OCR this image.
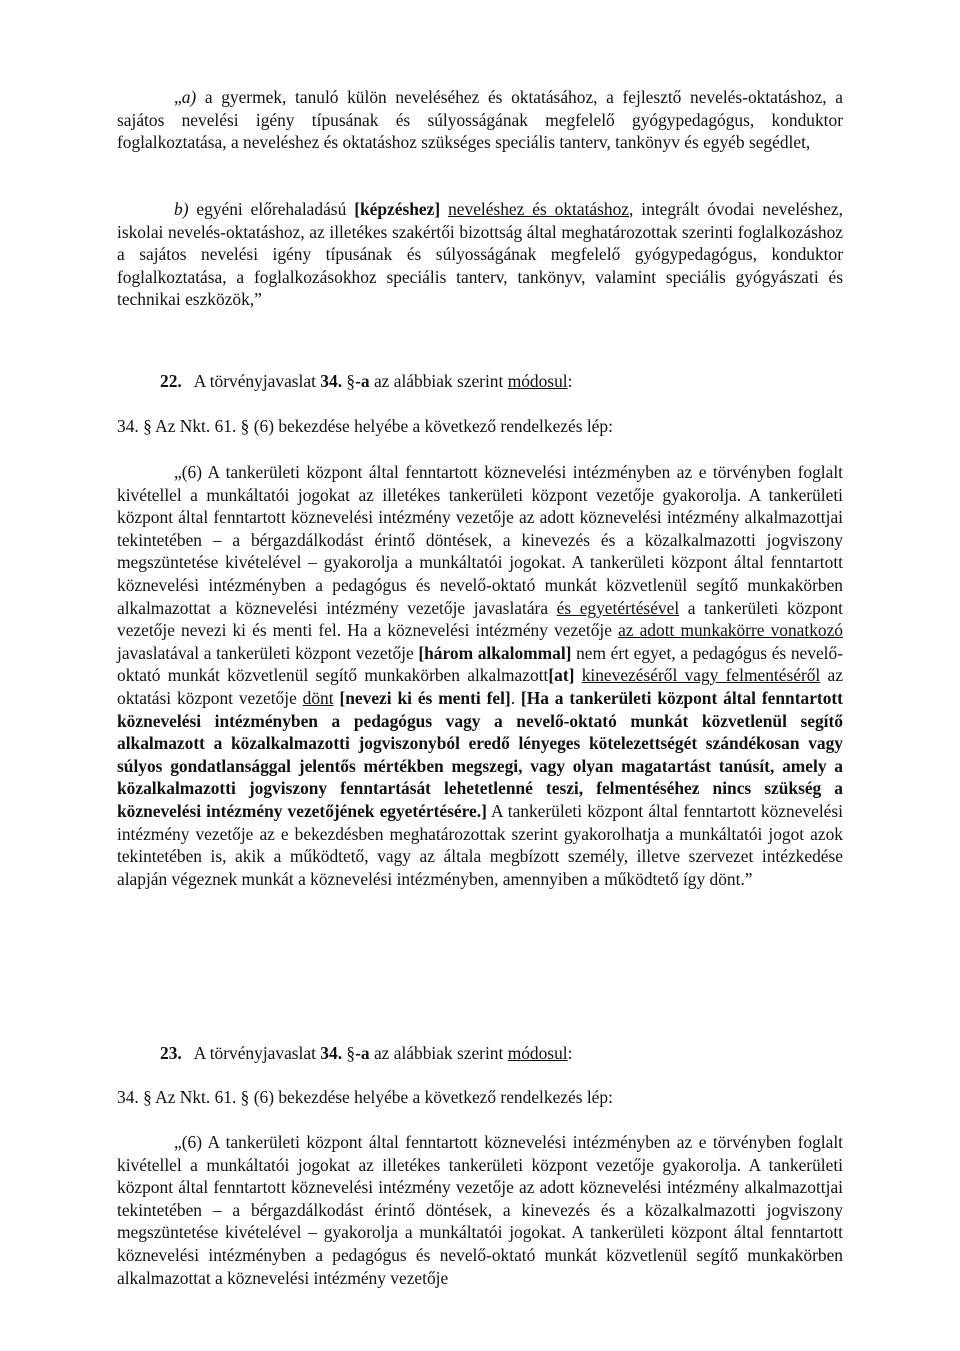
„a) a gyermek, tanuló külön neveléséhez és oktatásához, a fejlesztő nevelés-oktatáshoz, a sajátos nevelési igény típusának és súlyosságának megfelelő gyógypedagógus, konduktor foglalkoztatása, a neveléshez és oktatáshoz szükséges speciális tanterv, tankönyv és egyéb segédlet,
b) egyéni előrehaladású [képzéshez] neveléshez és oktatáshoz, integrált óvodai neveléshez, iskolai nevelés-oktatáshoz, az illetékes szakértői bizottság által meghatározottak szerinti foglalkozáshoz a sajátos nevelési igény típusának és súlyosságának megfelelő gyógypedagógus, konduktor foglalkoztatása, a foglalkozásokhoz speciális tanterv, tankönyv, valamint speciális gyógyászati és technikai eszközök,”
22. A törvényjavaslat 34. §-a az alábbiak szerint módosul:
34. § Az Nkt. 61. § (6) bekezdése helyébe a következő rendelkezés lép:
„(6) A tankerületi központ által fenntartott köznevelési intézményben az e törvényben foglalt kivétellel a munkáltatói jogokat az illetékes tankerületi központ vezetője gyakorolja. A tankerületi központ által fenntartott köznevelési intézmény vezetője az adott köznevelési intézmény alkalmazottjai tekintetében – a bérgazdálkodást érintő döntések, a kinevezés és a közalkalmazotti jogviszony megszüntetése kivételével – gyakorolja a munkáltatói jogokat. A tankerületi központ által fenntartott köznevelési intézményben a pedagógus és nevelő-oktató munkát közvetlenül segítő munkakörben alkalmazottat a köznevelési intézmény vezetője javaslatára és egyetértésével a tankerületi központ vezetője nevezi ki és menti fel. Ha a köznevelési intézmény vezetője az adott munkakörre vonatkozó javaslatával a tankerületi központ vezetője [három alkalommal] nem ért egyet, a pedagógus és nevelő-oktató munkát közvetlenül segítő munkakörben alkalmazott[at] kinevezéséről vagy felmentéséről az oktatási központ vezetője dönt [nevezi ki és menti fel]. [Ha a tankerületi központ által fenntartott köznevelési intézményben a pedagógus vagy a nevelő-oktató munkát közvetlenül segítő alkalmazott a közalkalmazotti jogviszonyból eredő lényeges kötelezettségét szándékosan vagy súlyos gondatlansággal jelentős mértékben megszegi, vagy olyan magatartást tanúsít, amely a közalkalmazotti jogviszony fenntartását lehetetlenné teszi, felmentéséhez nincs szükség a köznevelési intézmény vezetőjének egyetértésére.] A tankerületi központ által fenntartott köznevelési intézmény vezetője az e bekezdésben meghatározottak szerint gyakorolhatja a munkáltatói jogot azok tekintetében is, akik a működtető, vagy az általa megbízott személy, illetve szervezet intézkedése alapján végeznek munkát a köznevelési intézményben, amennyiben a működtető így dönt.”
23. A törvényjavaslat 34. §-a az alábbiak szerint módosul:
34. § Az Nkt. 61. § (6) bekezdése helyébe a következő rendelkezés lép:
„(6) A tankerületi központ által fenntartott köznevelési intézményben az e törvényben foglalt kivétellel a munkáltatói jogokat az illetékes tankerületi központ vezetője gyakorolja. A tankerületi központ által fenntartott köznevelési intézmény vezetője az adott köznevelési intézmény alkalmazottjai tekintetében – a bérgazdálkodást érintő döntések, a kinevezés és a közalkalmazotti jogviszony megszüntetése kivételével – gyakorolja a munkáltatói jogokat. A tankerületi központ által fenntartott köznevelési intézményben a pedagógus és nevelő-oktató munkát közvetlenül segítő munkakörben alkalmazottat a köznevelési intézmény vezetője
